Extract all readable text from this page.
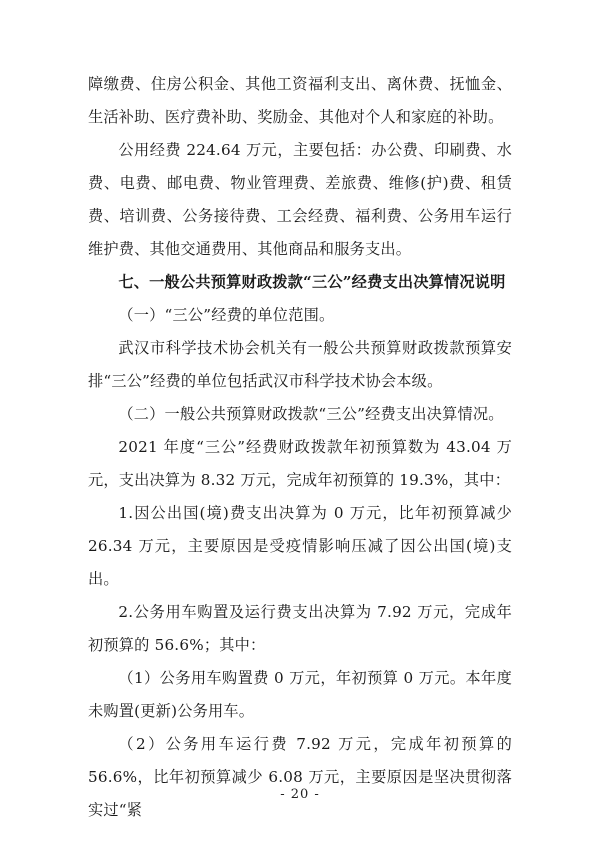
障缴费、住房公积金、其他工资福利支出、离休费、抚恤金、生活补助、医疗费补助、奖励金、其他对个人和家庭的补助。

公用经费 224.64 万元，主要包括：办公费、印刷费、水费、电费、邮电费、物业管理费、差旅费、维修(护)费、租赁费、培训费、公务接待费、工会经费、福利费、公务用车运行维护费、其他交通费用、其他商品和服务支出。

七、一般公共预算财政拨款“三公”经费支出决算情况说明

（一）“三公”经费的单位范围。

武汉市科学技术协会机关有一般公共预算财政拨款预算安排“三公”经费的单位包括武汉市科学技术协会本级。

（二）一般公共预算财政拨款“三公”经费支出决算情况。

2021 年度“三公”经费财政拨款年初预算数为 43.04 万元，支出决算为 8.32 万元，完成年初预算的 19.3%，其中：

1.因公出国(境)费支出决算为 0 万元，比年初预算减少 26.34 万元，主要原因是受疫情影响压减了因公出国(境)支出。

2.公务用车购置及运行费支出决算为 7.92 万元，完成年初预算的 56.6%；其中：

（1）公务用车购置费 0 万元，年初预算 0 万元。本年度未购置(更新)公务用车。

（2）公务用车运行费 7.92 万元，完成年初预算的 56.6%，比年初预算减少 6.08 万元，主要原因是坚决贯彻落实过“紧

- 20 -
